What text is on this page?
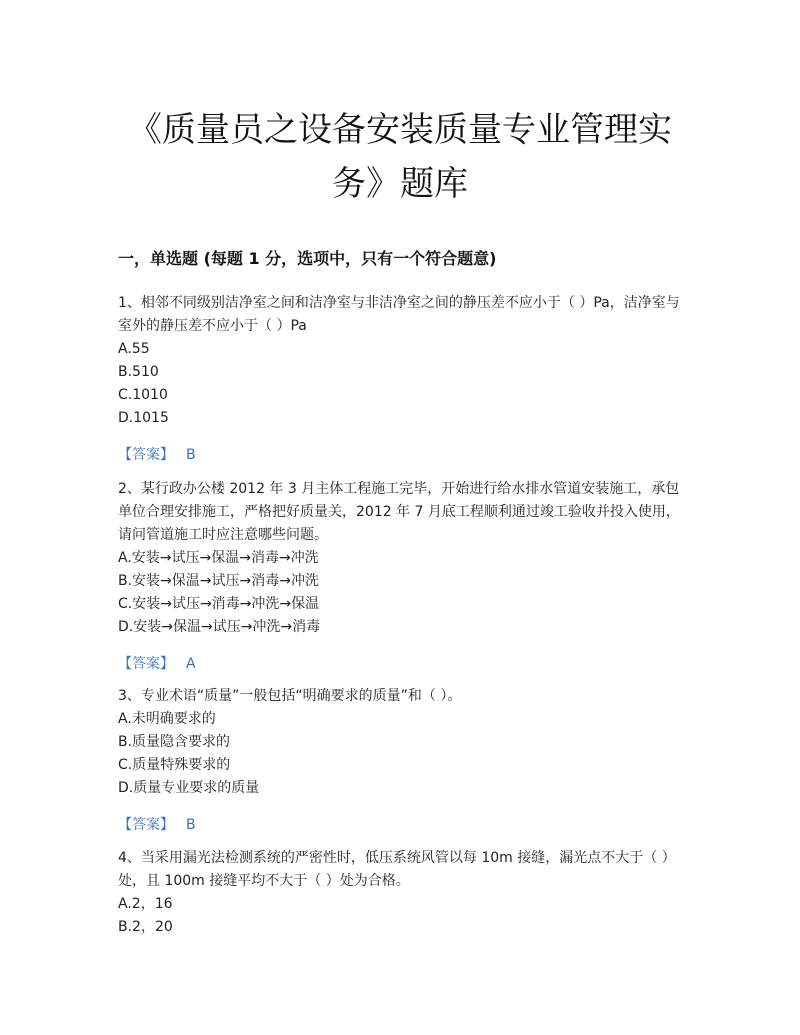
《质量员之设备安装质量专业管理实
务》题库
一，单选题 (每题 1 分，选项中，只有一个符合题意)

1、相邻不同级别洁净室之间和洁净室与非洁净室之间的静压差不应小于（ ）Pa，洁净室与室外的静压差不应小于（ ）Pa

A.55

B.510

C.1010

D.1015

【答案】 B

2、某行政办公楼 2012 年 3 月主体工程施工完毕，开始进行给水排水管道安装施工，承包单位合理安排施工，严格把好质量关，2012 年 7 月底工程顺利通过竣工验收并投入使用，请问管道施工时应注意哪些问题。

A.安装→试压→保温→消毒→冲洗

B.安装→保温→试压→消毒→冲洗

C.安装→试压→消毒→冲洗→保温

D.安装→保温→试压→冲洗→消毒

【答案】 A

3、专业术语“质量”一般包括“明确要求的质量”和（ ）。

A.未明确要求的

B.质量隐含要求的

C.质量特殊要求的

D.质量专业要求的质量

【答案】 B

4、当采用漏光法检测系统的严密性时，低压系统风管以每 10m 接缝，漏光点不大于（ ）处，且 100m 接缝平均不大于（ ）处为合格。

A.2，16

B.2，20
